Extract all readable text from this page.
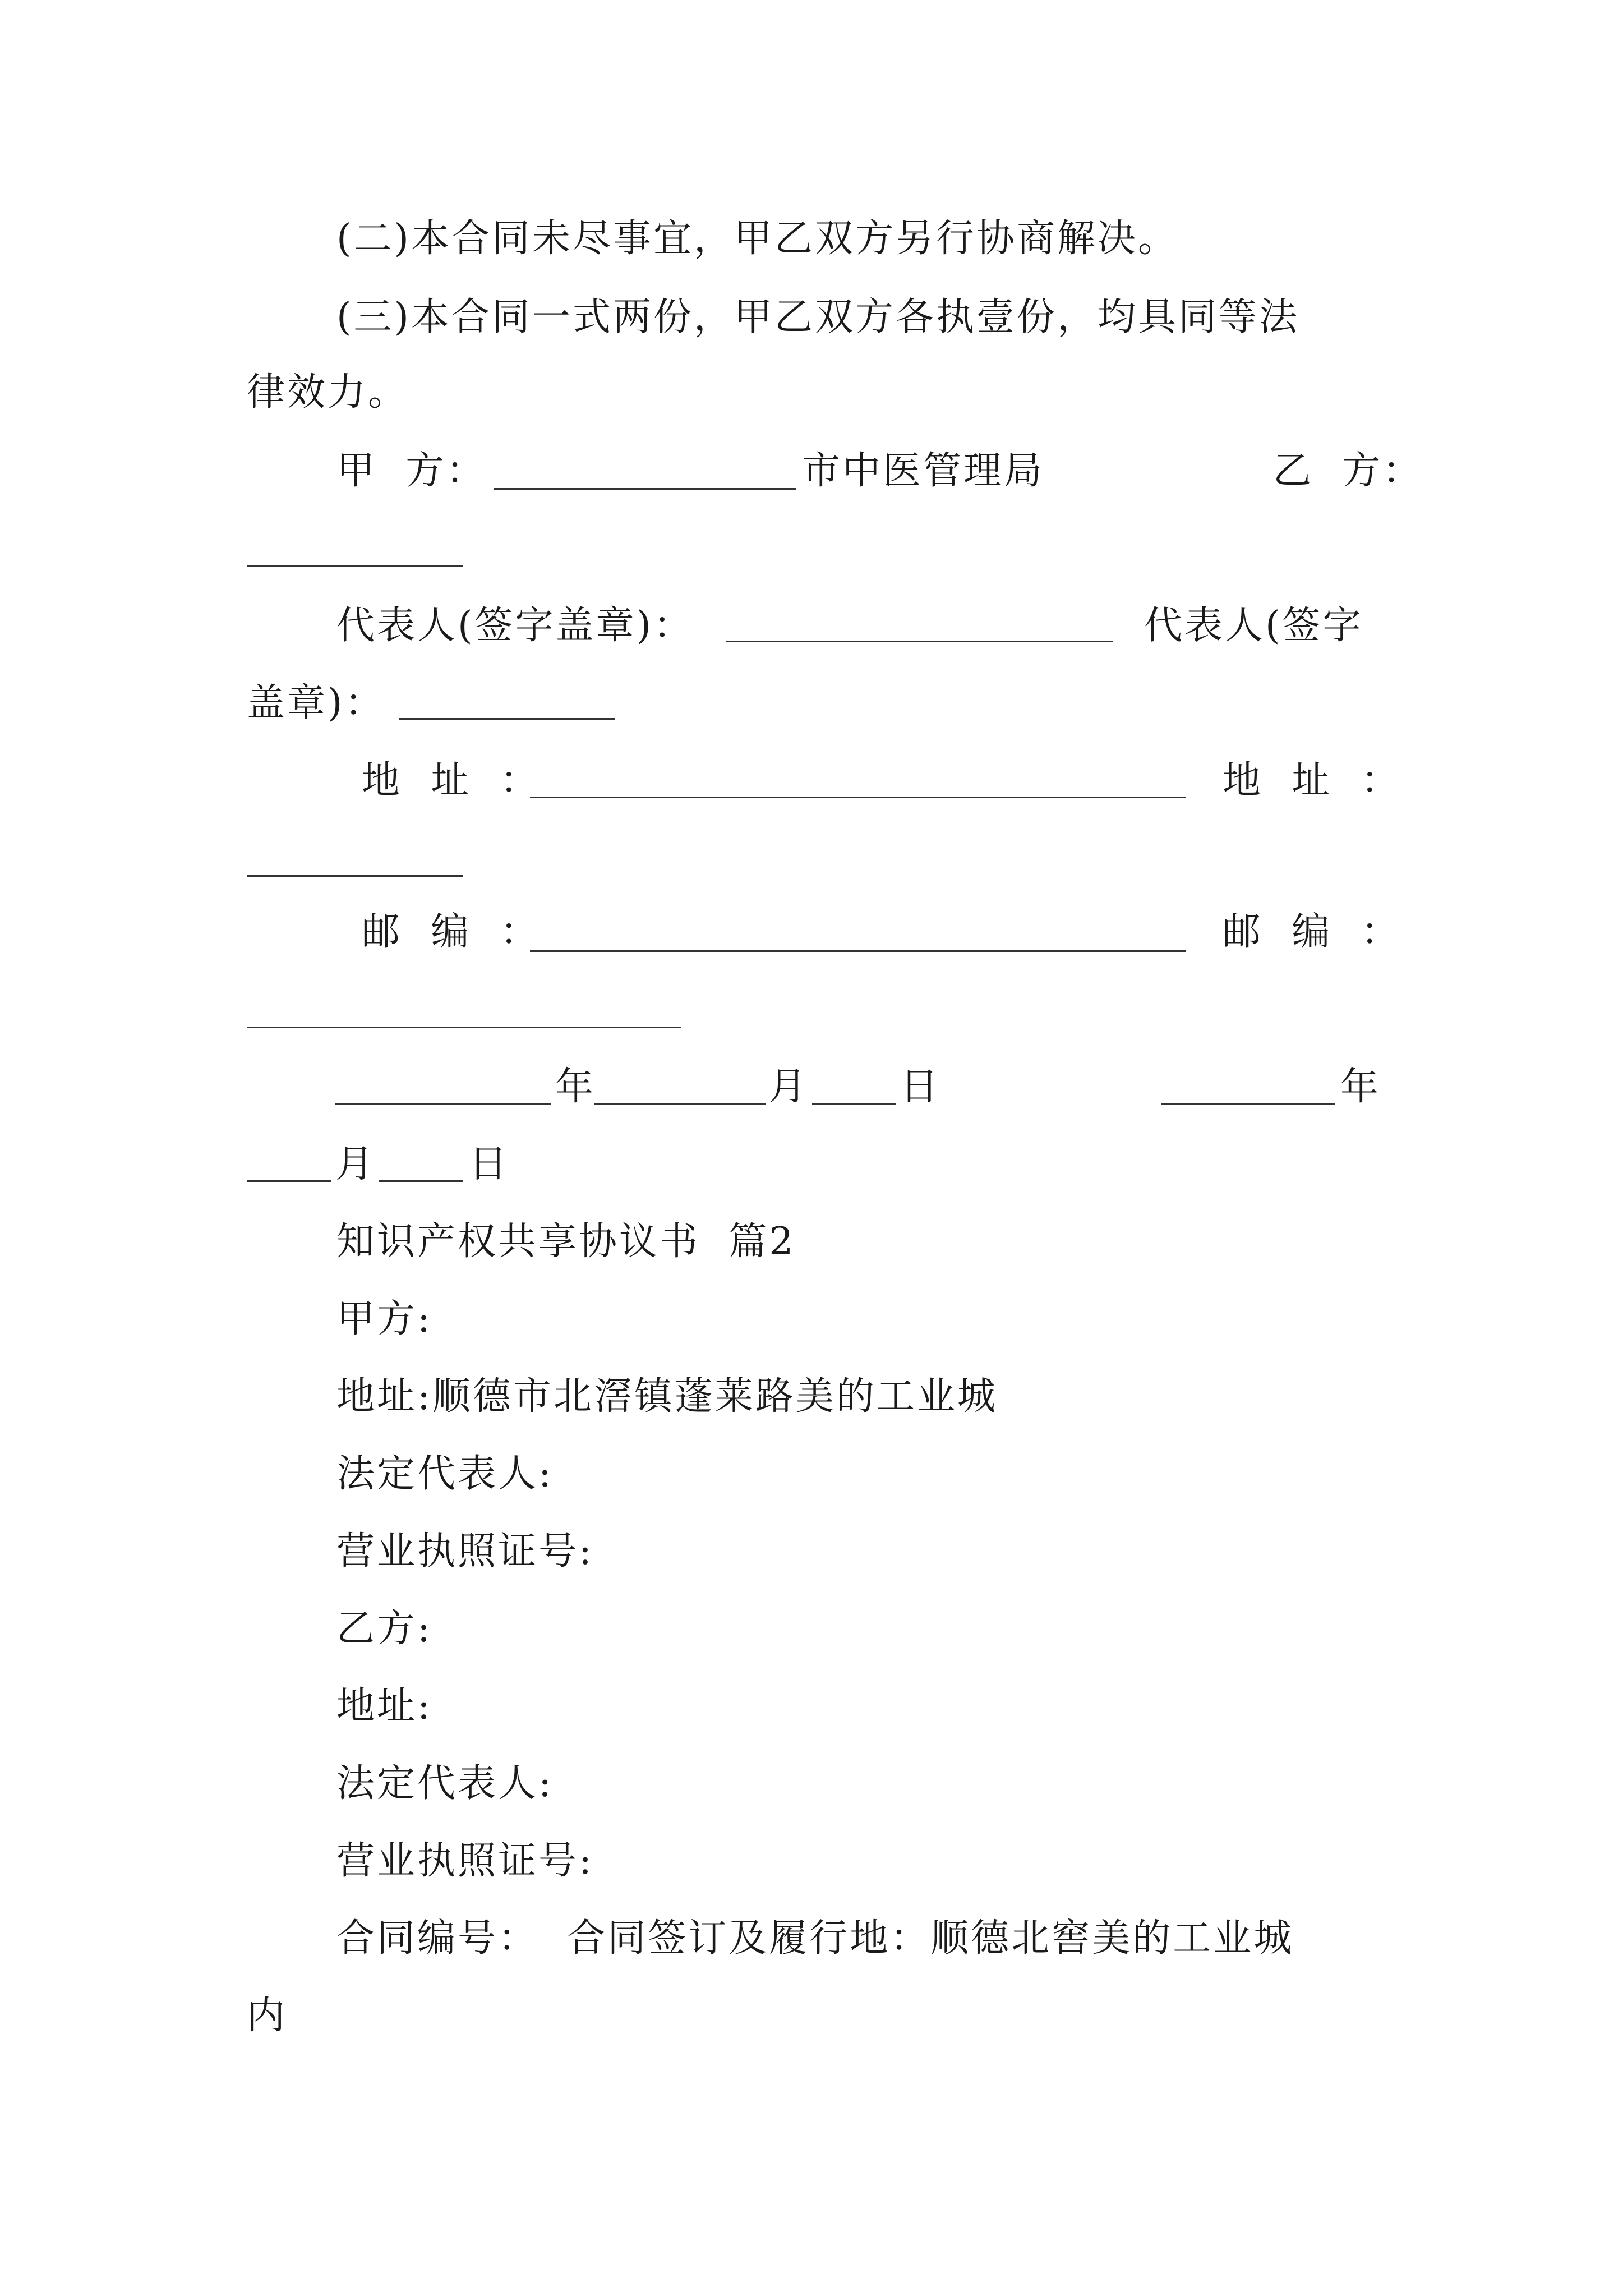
(二)本合同未尽事宜，甲乙双方另行协商解决。
(三)本合同一式两份，甲乙双方各执壹份，均具同等法
律效力。
甲  方：	市中医管理局	乙  方：
代表人(签字盖章)：	代表人(签字
盖章)：
地  址  ：	地  址  ：
邮  编  ：	邮  编  ：
年	月 日	年
月 日
知识产权共享协议书  篇2
甲方:
地址:顺德市北滘镇蓬莱路美的工业城
法定代表人:
营业执照证号:
乙方:
地址:
法定代表人:
营业执照证号:
合同编号：  合同签订及履行地：顺德北窖美的工业城
内
